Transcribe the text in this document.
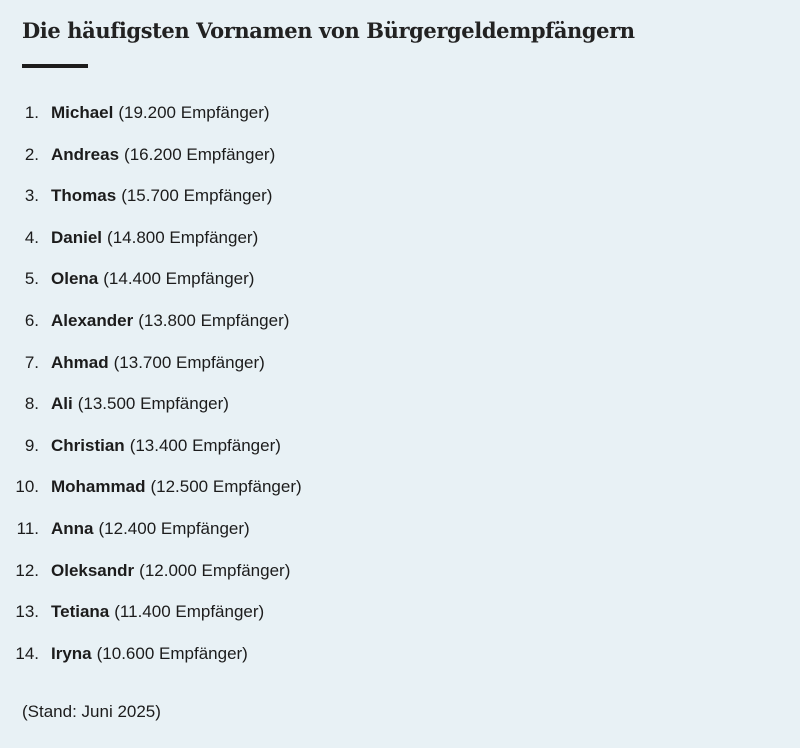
Die häufigsten Vornamen von Bürgergeldempfängern
1. Michael (19.200 Empfänger)
2. Andreas (16.200 Empfänger)
3. Thomas (15.700 Empfänger)
4. Daniel (14.800 Empfänger)
5. Olena (14.400 Empfänger)
6. Alexander (13.800 Empfänger)
7. Ahmad (13.700 Empfänger)
8. Ali (13.500 Empfänger)
9. Christian (13.400 Empfänger)
10. Mohammad (12.500 Empfänger)
11. Anna (12.400 Empfänger)
12. Oleksandr (12.000 Empfänger)
13. Tetiana (11.400 Empfänger)
14. Iryna (10.600 Empfänger)
(Stand: Juni 2025)
